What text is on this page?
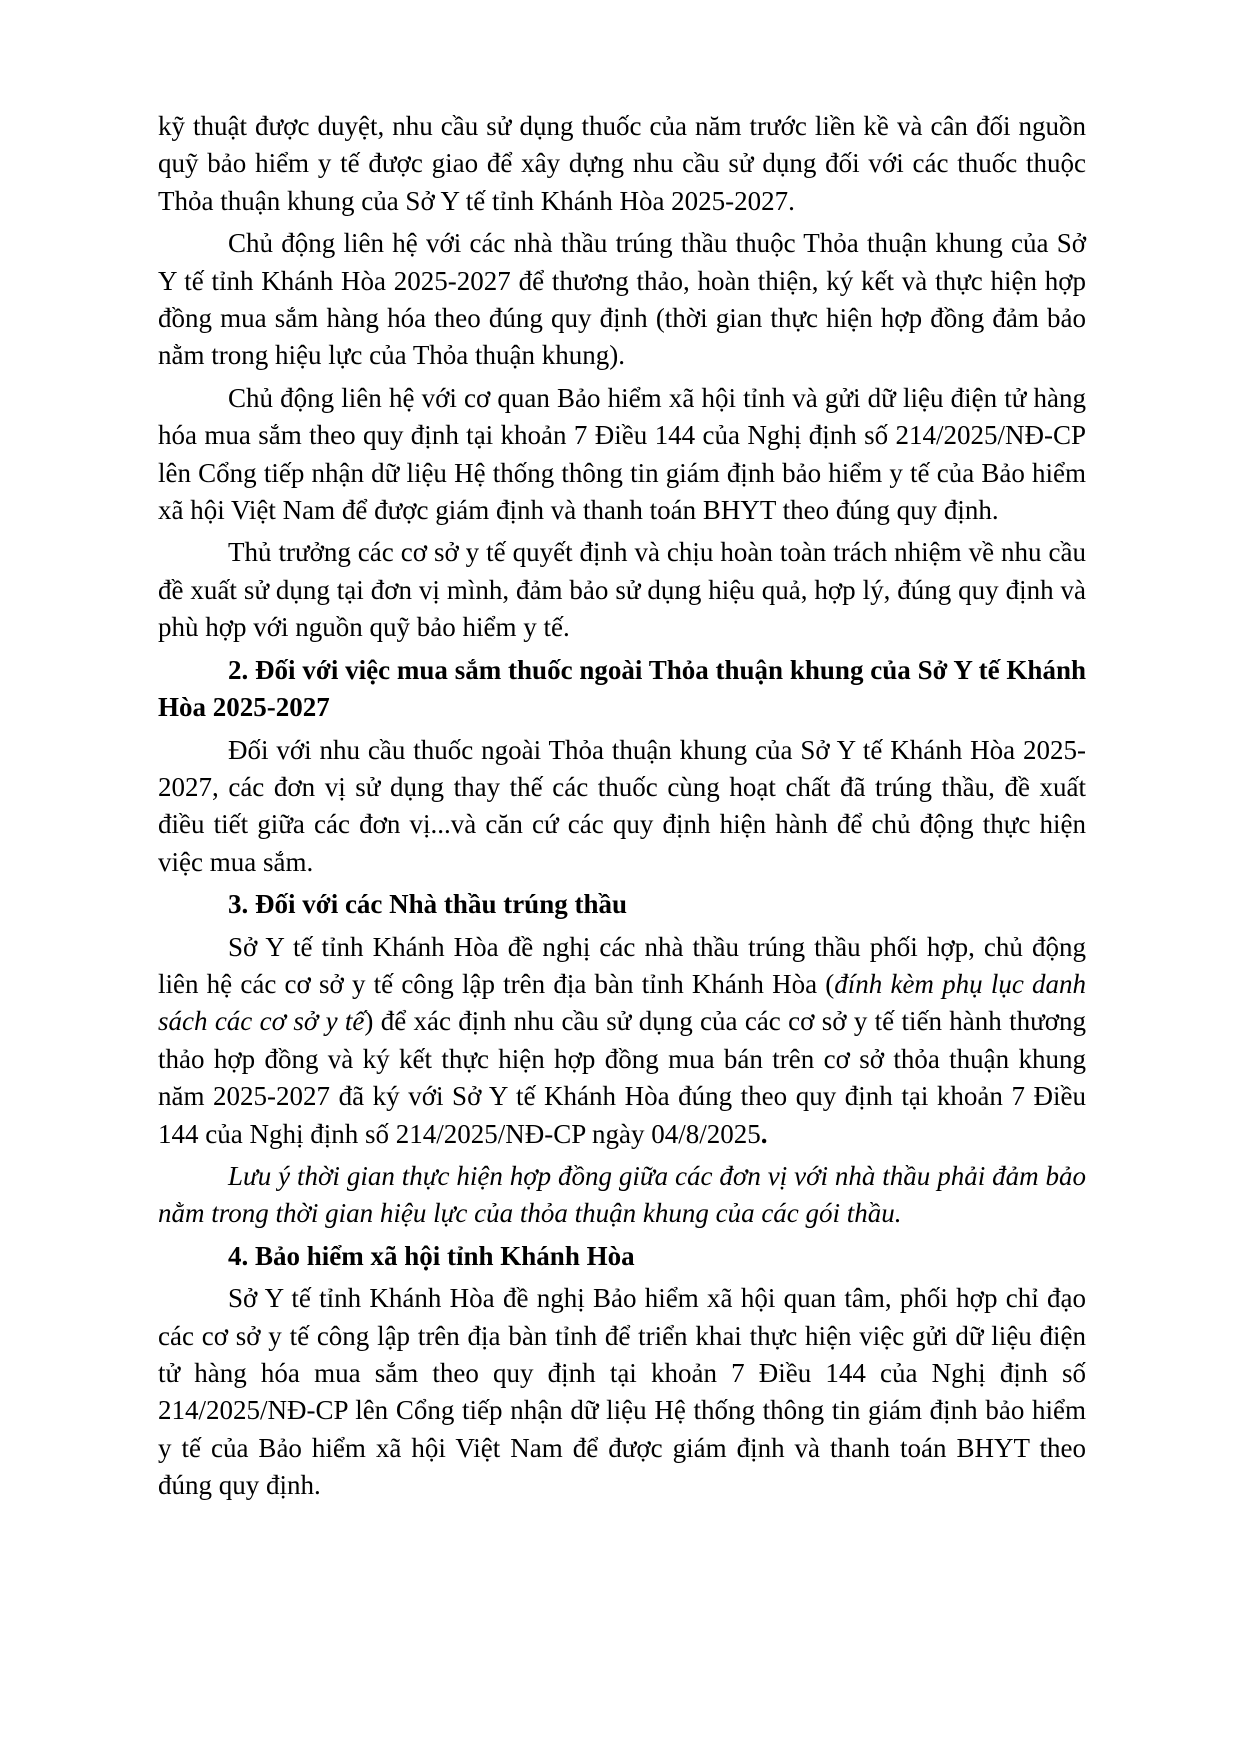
kỹ thuật được duyệt, nhu cầu sử dụng thuốc của năm trước liền kề và cân đối nguồn quỹ bảo hiểm y tế được giao để xây dựng nhu cầu sử dụng đối với các thuốc thuộc Thỏa thuận khung của Sở Y tế tỉnh Khánh Hòa 2025-2027.

Chủ động liên hệ với các nhà thầu trúng thầu thuộc Thỏa thuận khung của Sở Y tế tỉnh Khánh Hòa 2025-2027 để thương thảo, hoàn thiện, ký kết và thực hiện hợp đồng mua sắm hàng hóa theo đúng quy định (thời gian thực hiện hợp đồng đảm bảo nằm trong hiệu lực của Thỏa thuận khung).

Chủ động liên hệ với cơ quan Bảo hiểm xã hội tỉnh và gửi dữ liệu điện tử hàng hóa mua sắm theo quy định tại khoản 7 Điều 144 của Nghị định số 214/2025/NĐ-CP lên Cổng tiếp nhận dữ liệu Hệ thống thông tin giám định bảo hiểm y tế của Bảo hiểm xã hội Việt Nam để được giám định và thanh toán BHYT theo đúng quy định.

Thủ trưởng các cơ sở y tế quyết định và chịu hoàn toàn trách nhiệm về nhu cầu đề xuất sử dụng tại đơn vị mình, đảm bảo sử dụng hiệu quả, hợp lý, đúng quy định và phù hợp với nguồn quỹ bảo hiểm y tế.

2. Đối với việc mua sắm thuốc ngoài Thỏa thuận khung của Sở Y tế Khánh Hòa 2025-2027

Đối với nhu cầu thuốc ngoài Thỏa thuận khung của Sở Y tế Khánh Hòa 2025-2027, các đơn vị sử dụng thay thế các thuốc cùng hoạt chất đã trúng thầu, đề xuất điều tiết giữa các đơn vị...và căn cứ các quy định hiện hành để chủ động thực hiện việc mua sắm.

3. Đối với các Nhà thầu trúng thầu

Sở Y tế tỉnh Khánh Hòa đề nghị các nhà thầu trúng thầu phối hợp, chủ động liên hệ các cơ sở y tế công lập trên địa bàn tỉnh Khánh Hòa (đính kèm phụ lục danh sách các cơ sở y tế) để xác định nhu cầu sử dụng của các cơ sở y tế tiến hành thương thảo hợp đồng và ký kết thực hiện hợp đồng mua bán trên cơ sở thỏa thuận khung năm 2025-2027 đã ký với Sở Y tế Khánh Hòa đúng theo quy định tại khoản 7 Điều 144 của Nghị định số 214/2025/NĐ-CP ngày 04/8/2025.

Lưu ý thời gian thực hiện hợp đồng giữa các đơn vị với nhà thầu phải đảm bảo nằm trong thời gian hiệu lực của thỏa thuận khung của các gói thầu.

4. Bảo hiểm xã hội tỉnh Khánh Hòa

Sở Y tế tỉnh Khánh Hòa đề nghị Bảo hiểm xã hội quan tâm, phối hợp chỉ đạo các cơ sở y tế công lập trên địa bàn tỉnh để triển khai thực hiện việc gửi dữ liệu điện tử hàng hóa mua sắm theo quy định tại khoản 7 Điều 144 của Nghị định số 214/2025/NĐ-CP lên Cổng tiếp nhận dữ liệu Hệ thống thông tin giám định bảo hiểm y tế của Bảo hiểm xã hội Việt Nam để được giám định và thanh toán BHYT theo đúng quy định.
